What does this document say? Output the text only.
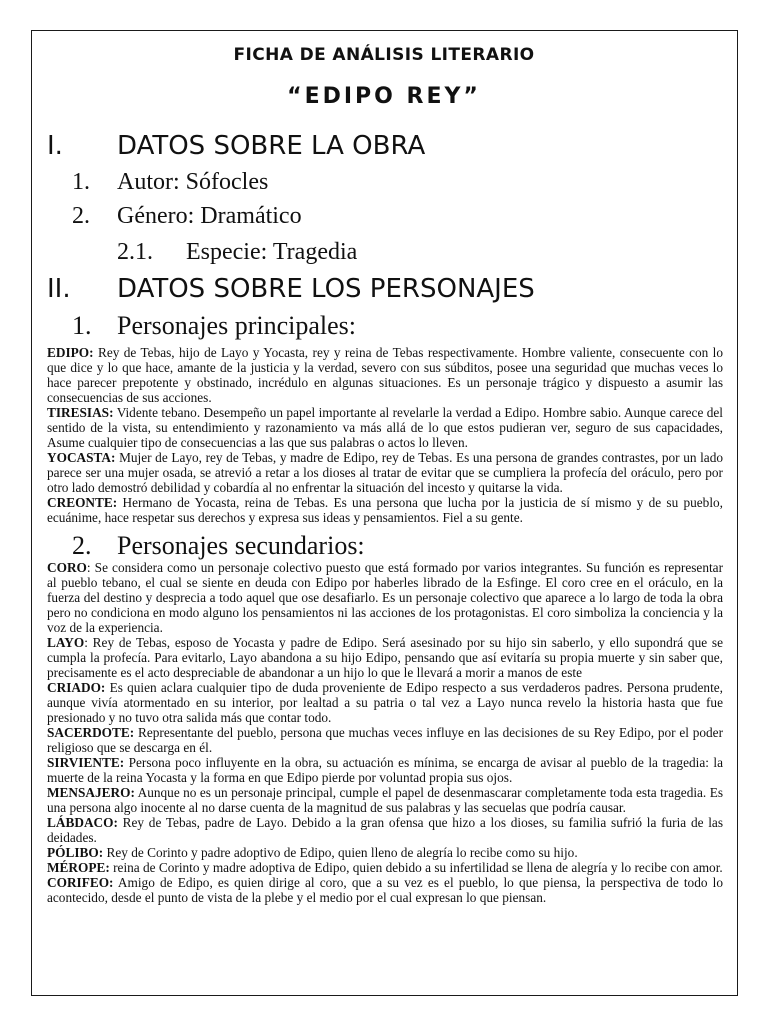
FICHA DE ANÁLISIS LITERARIO
“EDIPO REY”
I. DATOS SOBRE LA OBRA
1. Autor: Sófocles
2. Género: Dramático
2.1. Especie: Tragedia
II. DATOS SOBRE LOS PERSONAJES
1. Personajes principales:

EDIPO: Rey de Tebas, hijo de Layo y Yocasta, rey y reina de Tebas respectivamente. Hombre valiente, consecuente con lo que dice y lo que hace, amante de la justicia y la verdad, severo con sus súbditos, posee una seguridad que muchas veces lo hace parecer prepotente y obstinado, incrédulo en algunas situaciones. Es un personaje trágico y dispuesto a asumir las consecuencias de sus acciones.

TIRESIAS: Vidente tebano. Desempeño un papel importante al revelarle la verdad a Edipo. Hombre sabio. Aunque carece del sentido de la vista, su entendimiento y razonamiento va más allá de lo que estos pudieran ver, seguro de sus capacidades, Asume cualquier tipo de consecuencias a las que sus palabras o actos lo lleven.

YOCASTA: Mujer de Layo, rey de Tebas, y madre de Edipo, rey de Tebas. Es una persona de grandes contrastes, por un lado parece ser una mujer osada, se atrevió a retar a los dioses al tratar de evitar que se cumpliera la profecía del oráculo, pero por otro lado demostró debilidad y cobardía al no enfrentar la situación del incesto y quitarse la vida.

CREONTE: Hermano de Yocasta, reina de Tebas. Es una persona que lucha por la justicia de sí mismo y de su pueblo, ecuánime, hace respetar sus derechos y expresa sus ideas y pensamientos. Fiel a su gente.

2. Personajes secundarios:

CORO: Se considera como un personaje colectivo puesto que está formado por varios integrantes. Su función es representar al pueblo tebano, el cual se siente en deuda con Edipo por haberles librado de la Esfinge. El coro cree en el oráculo, en la fuerza del destino y desprecia a todo aquel que ose desafiarlo. Es un personaje colectivo que aparece a lo largo de toda la obra pero no condiciona en modo alguno los pensamientos ni las acciones de los protagonistas. El coro simboliza la conciencia y la voz de la experiencia.

LAYO: Rey de Tebas, esposo de Yocasta y padre de Edipo. Será asesinado por su hijo sin saberlo, y ello supondrá que se cumpla la profecía. Para evitarlo, Layo abandona a su hijo Edipo, pensando que así evitaría su propia muerte y sin saber que, precisamente es el acto despreciable de abandonar a un hijo lo que le llevará a morir a manos de este

CRIADO: Es quien aclara cualquier tipo de duda proveniente de Edipo respecto a sus verdaderos padres. Persona prudente, aunque vivía atormentado en su interior, por lealtad a su patria o tal vez a Layo nunca revelo la historia hasta que fue presionado y no tuvo otra salida más que contar todo.

SACERDOTE: Representante del pueblo, persona que muchas veces influye en las decisiones de su Rey Edipo, por el poder religioso que se descarga en él.

SIRVIENTE: Persona poco influyente en la obra, su actuación es mínima, se encarga de avisar al pueblo de la tragedia: la muerte de la reina Yocasta y la forma en que Edipo pierde por voluntad propia sus ojos.

MENSAJERO: Aunque no es un personaje principal, cumple el papel de desenmascarar completamente toda esta tragedia. Es una persona algo inocente al no darse cuenta de la magnitud de sus palabras y las secuelas que podría causar.

LÁBDACO: Rey de Tebas, padre de Layo. Debido a la gran ofensa que hizo a los dioses, su familia sufrió la furia de las deidades.

PÓLIBO: Rey de Corinto y padre adoptivo de Edipo, quien lleno de alegría lo recibe como su hijo.

MÉROPE: reina de Corinto y madre adoptiva de Edipo, quien debido a su infertilidad se llena de alegría y lo recibe con amor.

CORIFEO: Amigo de Edipo, es quien dirige al coro, que a su vez es el pueblo, lo que piensa, la perspectiva de todo lo acontecido, desde el punto de vista de la plebe y el medio por el cual expresan lo que piensan.
